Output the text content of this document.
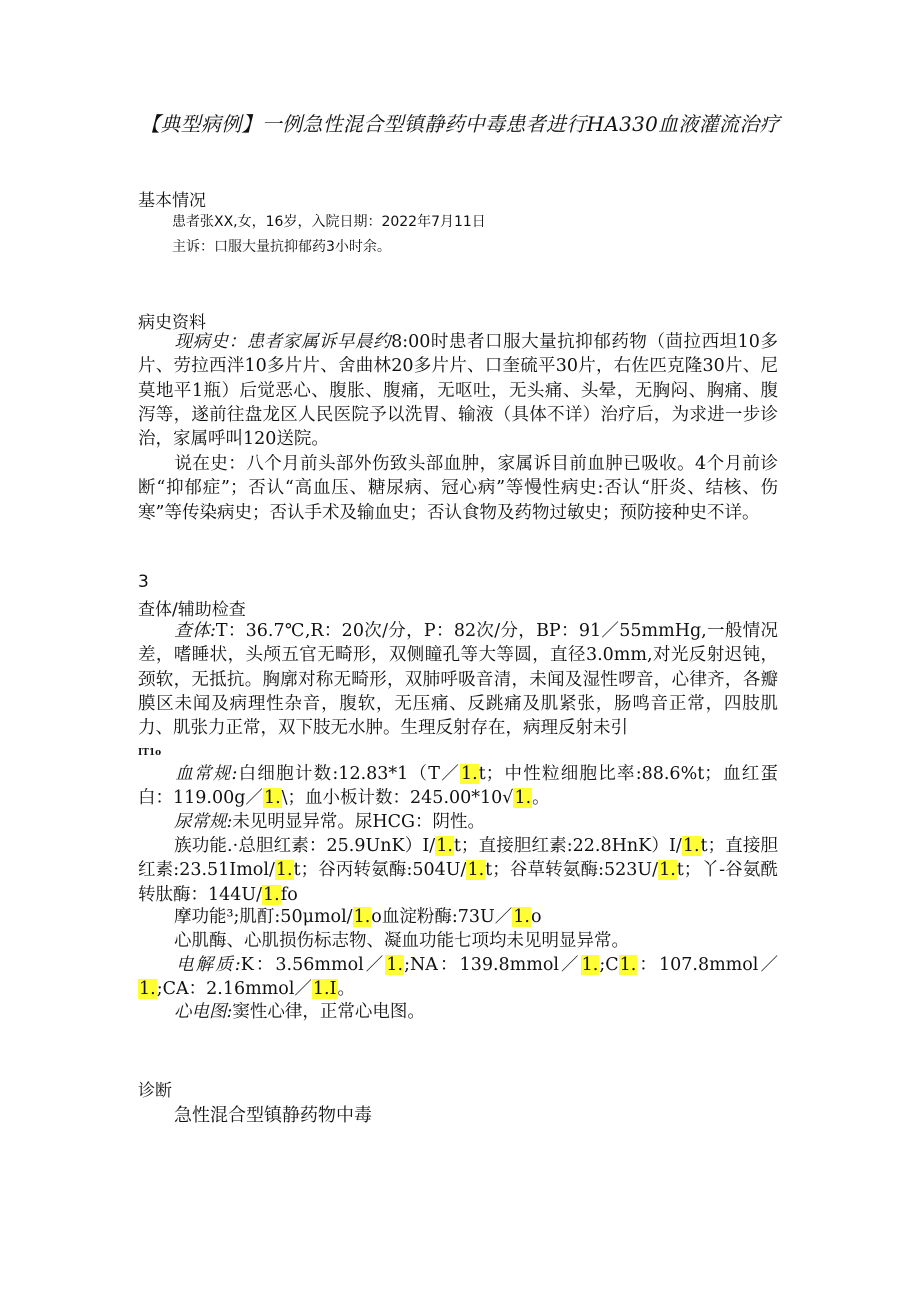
【典型病例】一例急性混合型镇静药中毒患者进行HA330血液灌流治疗
基本情况
患者张XX,女，16岁，入院日期：2022年7月11日
主诉：口服大量抗抑郁药3小时余。
病史资料
现病史：患者家属诉早晨约8:00时患者口服大量抗抑郁药物（茴拉西坦10多片、劳拉西泮10多片片、舍曲林20多片片、口奎硫平30片，右佐匹克隆30片、尼莫地平1瓶）后觉恶心、腹胀、腹痛，无呕吐，无头痛、头晕，无胸闷、胸痛、腹泻等，遂前往盘龙区人民医院予以洗胃、输液（具体不详）治疗后，为求进一步诊治，家属呼叫120送院。
说在史：八个月前头部外伤致头部血肿，家属诉目前血肿已吸收。4个月前诊断“抑郁症”；否认“高血压、糖尿病、冠心病”等慢性病史:否认“肝炎、结核、伤寒”等传染病史；否认手术及输血史；否认食物及药物过敏史；预防接种史不详。
3
查体/辅助检查
查体:T：36.7℃,R：20次/分，P：82次/分，BP：91／55mmHg,一般情况差，嗜睡状，头颅五官无畸形，双侧瞳孔等大等圆，直径3.0mm,对光反射迟钝，颈软，无抵抗。胸廓对称无畸形，双肺呼吸音清，未闻及湿性啰音，心律齐，各瓣膜区未闻及病理性杂音，腹软，无压痛、反跳痛及肌紧张，肠鸣音正常，四肢肌力、肌张力正常，双下肢无水肿。生理反射存在，病理反射未引
IT1o
血常规:白细胞计数:12.83*1（T／1.t；中性粒细胞比率:88.6%t；血红蛋白：119.00g／1.\；血小板计数：245.00*10√1.。
尿常规:未见明显异常。尿HCG：阴性。
族功能.·总胆红素：25.9UnK）I/1.t；直接胆红素:22.8HnK）I/1.t；直接胆红素:23.51Imol/1.t；谷丙转氨酶:504U/1.t；谷草转氨酶:523U/1.t；丫-谷氨酰转肽酶：144U/1.fo
摩功能³;肌酊:50μmol/1.o血淀粉酶:73U／1.o
心肌酶、心肌损伤标志物、凝血功能七项均未见明显异常。
电解质:K：3.56mmol／1.;NA：139.8mmol／1.;C1.：107.8mmol／1.;CA：2.16mmol／1.I。
心电图:窦性心律，正常心电图。
诊断
急性混合型镇静药物中毒
